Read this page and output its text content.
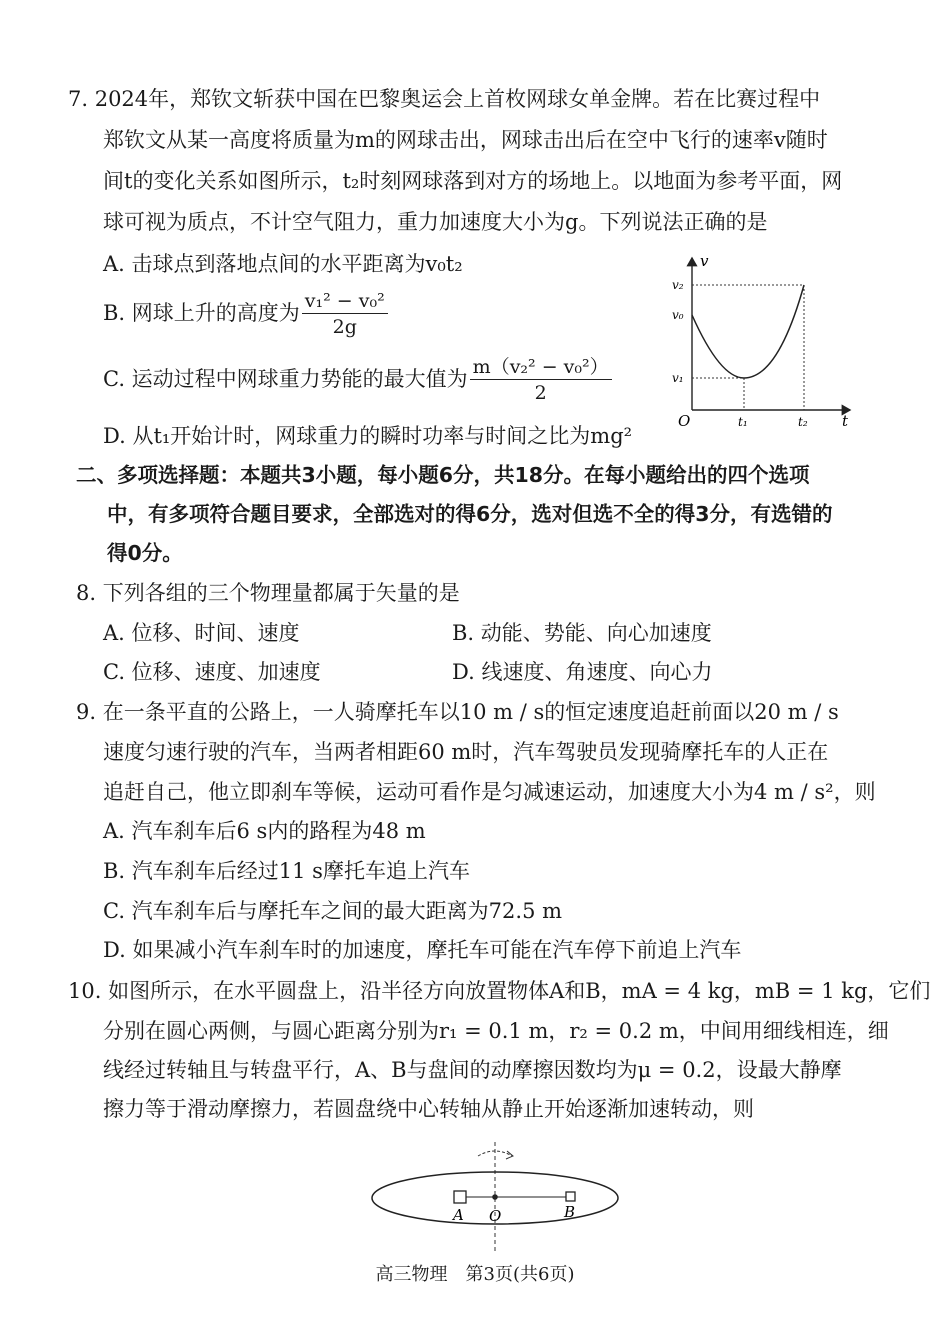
7. 2024年，郑钦文斩获中国在巴黎奥运会上首枚网球女单金牌。若在比赛过程中
郑钦文从某一高度将质量为m的网球击出，网球击出后在空中飞行的速率v随时
间t的变化关系如图所示，t₂时刻网球落到对方的场地上。以地面为参考平面，网
球可视为质点，不计空气阻力，重力加速度大小为g。下列说法正确的是
A. 击球点到落地点间的水平距离为v₀t₂
B. 网球上升的高度为 $\frac{\text{v₁² − v₀²}}{2g}$
C. 运动过程中网球重力势能的最大值为 $\frac{\text{m（v₂² − v₀²）}}{2}$
D. 从t₁开始计时，网球重力的瞬时功率与时间之比为mg²
v
t
O
v₂
v₀
v₁
t₁	t₂
二、多项选择题：本题共3小题，每小题6分，共18分。在每小题给出的四个选项
中，有多项符合题目要求，全部选对的得6分，选对但选不全的得3分，有选错的
得0分。
8. 下列各组的三个物理量都属于矢量的是
A. 位移、时间、速度	B. 动能、势能、向心加速度
C. 位移、速度、加速度	D. 线速度、角速度、向心力
9. 在一条平直的公路上，一人骑摩托车以10 m / s的恒定速度追赶前面以20 m / s
速度匀速行驶的汽车，当两者相距60 m时，汽车驾驶员发现骑摩托车的人正在
追赶自己，他立即刹车等候，运动可看作是匀减速运动，加速度大小为4 m / s²，则
A. 汽车刹车后6 s内的路程为48 m
B. 汽车刹车后经过11 s摩托车追上汽车
C. 汽车刹车后与摩托车之间的最大距离为72.5 m
D. 如果减小汽车刹车时的加速度，摩托车可能在汽车停下前追上汽车
10. 如图所示，在水平圆盘上，沿半径方向放置物体A和B，mA = 4 kg，mB = 1 kg，它们
分别在圆心两侧，与圆心距离分别为r₁ = 0.1 m，r₂ = 0.2 m，中间用细线相连，细
线经过转轴且与转盘平行，A、B与盘间的动摩擦因数均为μ = 0.2，设最大静摩
擦力等于滑动摩擦力，若圆盘绕中心转轴从静止开始逐渐加速转动，则
A O	B
高三物理　第3页(共6页)
